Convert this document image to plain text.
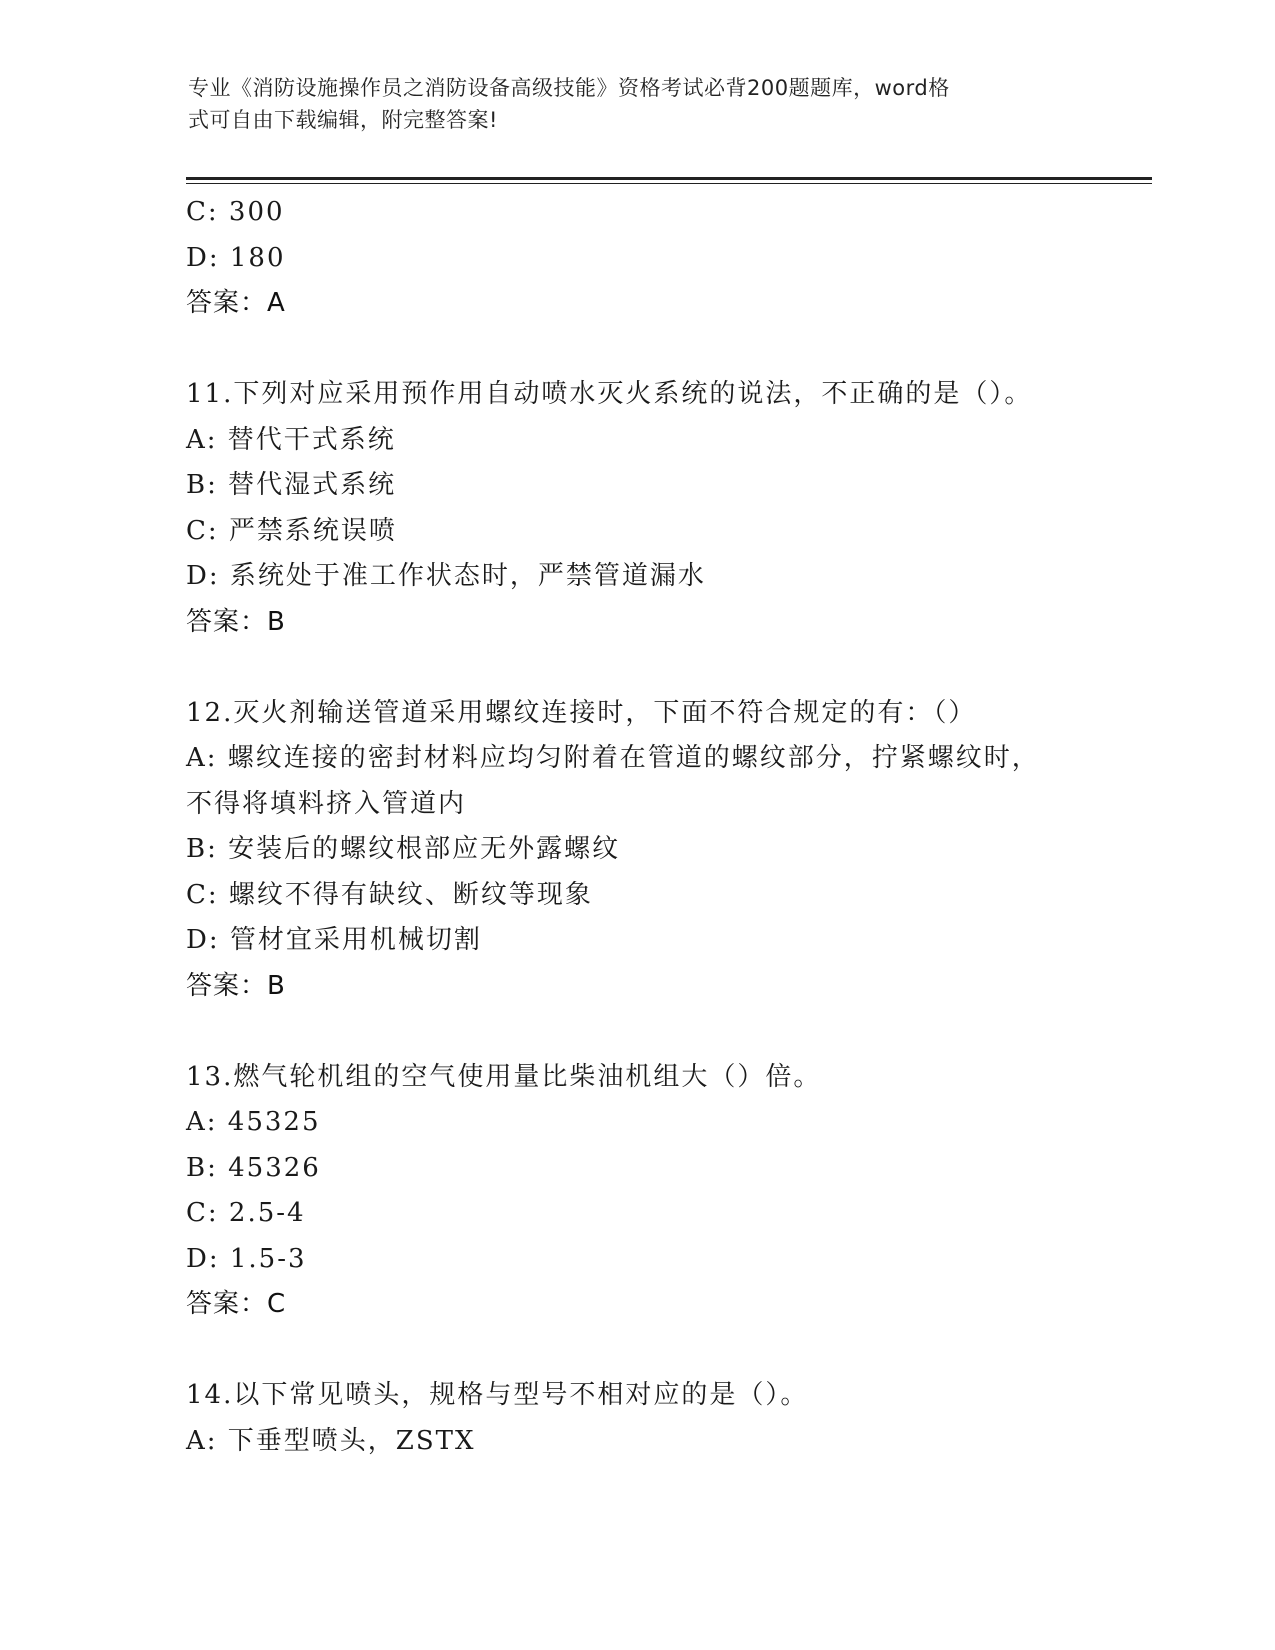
专业《消防设施操作员之消防设备高级技能》资格考试必背200题题库，word格
式可自由下载编辑，附完整答案!
C: 300
D: 180
答案：A
11.下列对应采用预作用自动喷水灭火系统的说法，不正确的是（）。
A: 替代干式系统
B: 替代湿式系统
C: 严禁系统误喷
D: 系统处于准工作状态时，严禁管道漏水
答案：B
12.灭火剂输送管道采用螺纹连接时，下面不符合规定的有：（）
A: 螺纹连接的密封材料应均匀附着在管道的螺纹部分，拧紧螺纹时，
不得将填料挤入管道内
B: 安装后的螺纹根部应无外露螺纹
C: 螺纹不得有缺纹、断纹等现象
D: 管材宜采用机械切割
答案：B
13.燃气轮机组的空气使用量比柴油机组大（）倍。
A: 45325
B: 45326
C: 2.5-4
D: 1.5-3
答案：C
14.以下常见喷头，规格与型号不相对应的是（）。
A: 下垂型喷头，ZSTX
